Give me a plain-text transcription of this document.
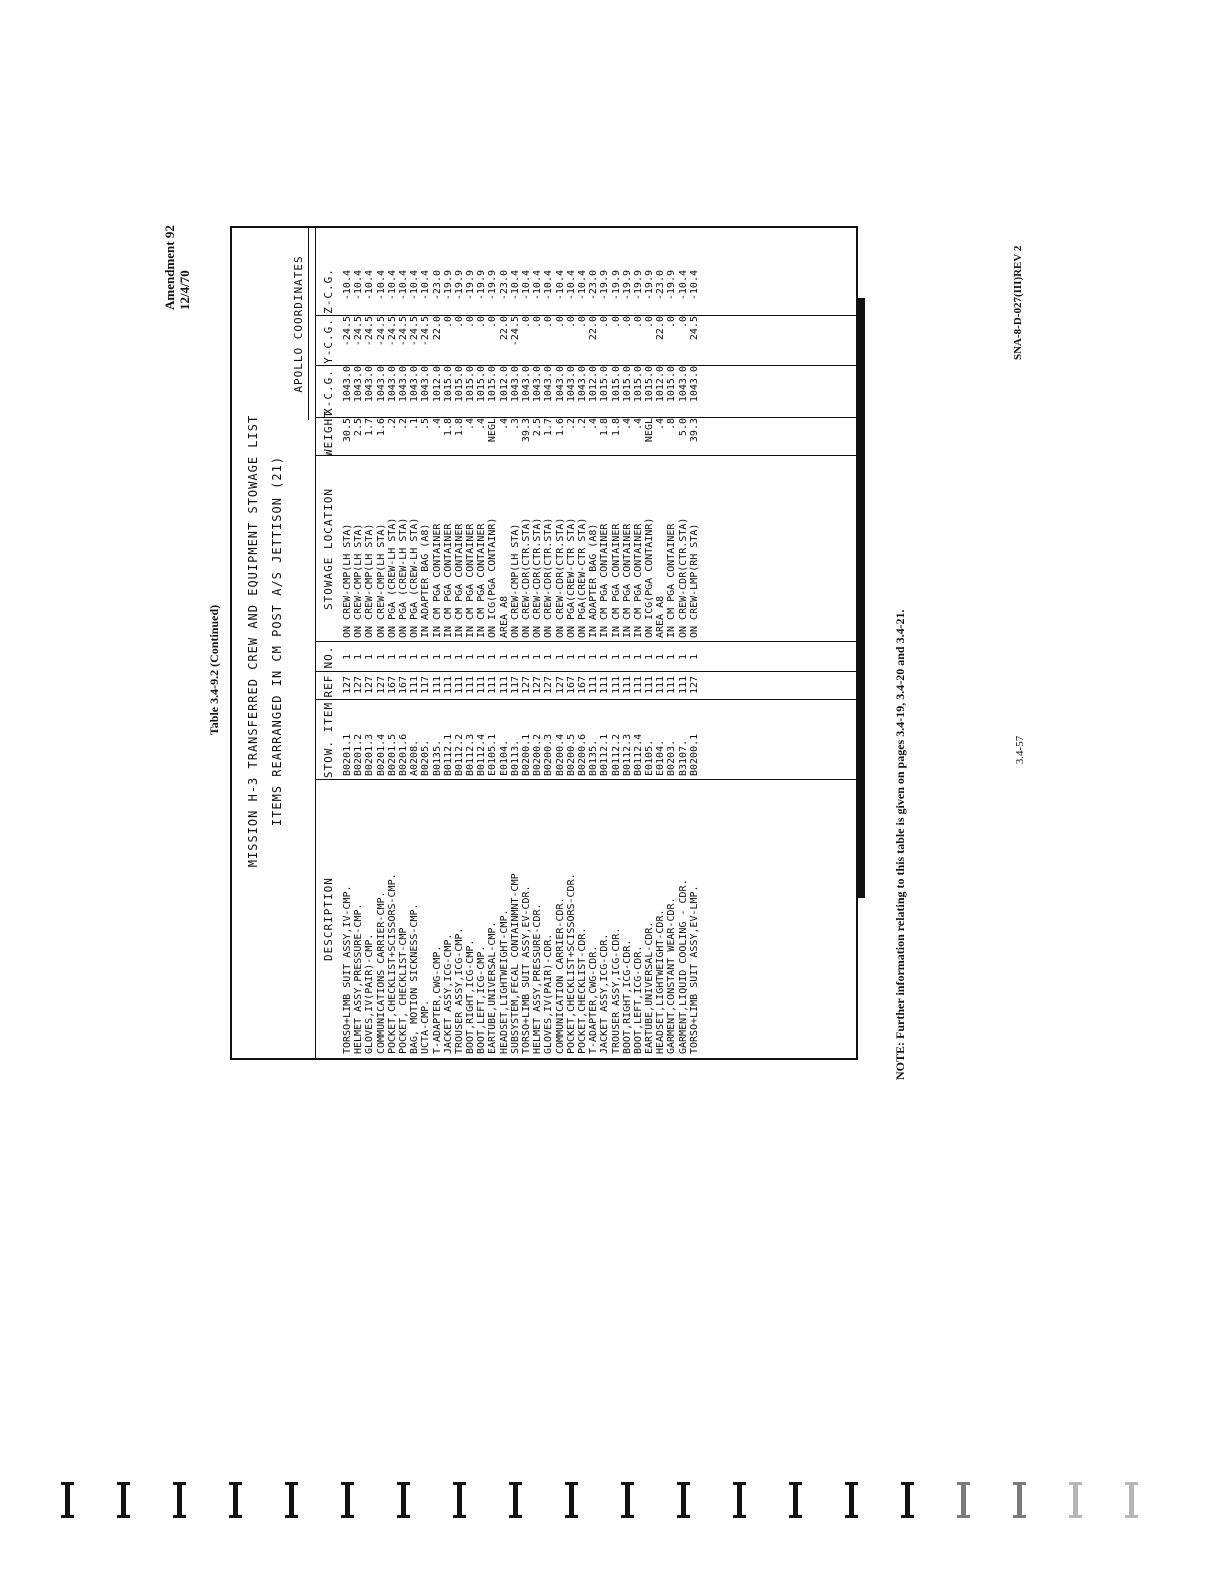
Amendment 92 12/4/70
Table 3.4-9.2 (Continued) MISSION H-3 TRANSFERRED CREW AND EQUIPMENT STOWAGE LIST ITEMS REARRANGED IN CM POST A/S JETTISON (21)
APOLLO COORDINATES
DESCRIPTION
STOW. ITEM
REF
NO.
STOWAGE LOCATION
WEIGHT
X-C.G.
Y-C.G.
Z-C.G.
TORSO+LIMB SUIT ASSY,IV-CMP.
B0201.1
127
1
ON CREW-CMP(LH STA)
30.5
1043.0
-24.5
-10.4
HELMET ASSY,PRESSURE-CMP.
B0201.2
127
1
ON CREW-CMP(LH STA)
2.5
1043.0
-24.5
-10.4
GLOVES,IV(PAIR)-CMP.
B0201.3
127
1
ON CREW-CMP(LH STA)
1.7
1043.0
-24.5
-10.4
COMMUNICATIONS CARRIER-CMP.
B0201.4
127
1
ON CREW-CMP(LH STA)
1.6
1043.0
-24.5
-10.4
POCKET,CHECKLIST+SCISSORS-CMP.
B0201.5
167
1
ON PGA (CREW-LH STA)
.2
1043.0
-24.5
-10.4
POCKET, CHECKLIST-CMP
B0201.6
167
1
ON PGA (CREW-LH STA)
.2
1043.0
-24.5
-10.4
BAG, MOTION SICKNESS-CMP.
A0208.
111
1
ON PGA (CREW-LH STA)
.1
1043.0
-24.5
-10.4
UCTA-CMP.
B0205.
117
1
IN ADAPTER BAG (A8)
.5
1043.0
-24.5
-10.4
T-ADAPTER,CWG-CMP.
B0135.
111
1
IN CM PGA CONTAINER
.4
1012.0
22.0
-23.0
JACKET ASSY,ICG-CMP.
B0112.1
111
1
IN CM PGA CONTAINER
1.8
1015.0
.0
-19.9
TROUSER ASSY,ICG-CMP.
B0112.2
111
1
IN CM PGA CONTAINER
1.8
1015.0
.0
-19.9
BOOT,RIGHT,ICG-CMP.
B0112.3
111
1
IN CM PGA CONTAINER
.4
1015.0
.0
-19.9
BOOT,LEFT,ICG-CMP.
B0112.4
111
1
IN CM PGA CONTAINER
.4
1015.0
.0
-19.9
EARTUBE,UNIVERSAL-CMP.
E0105.1
111
1
ON ICG(PGA CONTAINR)
NEGL
1015.0
.0
-19.9
HEADSET,LIGHTWEIGHT-CMP.
E0104.
111
1
AREA A8
.4
1012.0
22.0
-23.0
SUBSYSTEM,FECAL CONTAINMNT-CMP
B0113.
117
1
ON CREW-CMP(LH STA)
.3
1043.0
-24.5
-10.4
TORSO+LIMB SUIT ASSY,EV-CDR.
B0200.1
127
1
ON CREW-CDR(CTR.STA)
39.3
1043.0
.0
-10.4
HELMET ASSY,PRESSURE-CDR.
B0200.2
127
1
ON CREW-CDR(CTR.STA)
2.5
1043.0
.0
-10.4
GLOVES,IV(PAIR)-CDR.
B0200.3
127
1
ON CREW-CDR(CTR.STA)
1.7
1043.0
.0
-10.4
COMMUNICATION CARRIER-CDR.
B0200.4
127
1
ON CREW-CDR(CTR.STA)
1.6
1043.0
.0
-10.4
POCKET,CHECKLIST+SCISSORS-CDR.
B0200.5
167
1
ON PGA(CREW-CTR STA)
.2
1043.0
.0
-10.4
POCKET,CHECKLIST-CDR.
B0200.6
167
1
ON PGA(CREW-CTR STA)
.2
1043.0
.0
-10.4
T-ADAPTER,CWG-CDR.
B0135.
111
1
IN ADAPTER BAG (A8)
.4
1012.0
22.0
-23.0
JACKET ASSY,ICG-CDR.
B0112.1
111
1
IN CM PGA CONTAINER
1.8
1015.0
.0
-19.9
TROUSER ASSY,ICG-CDR.
B0112.2
111
1
IN CM PGA CONTAINER
1.8
1015.0
.0
-19.9
BOOT,RIGHT,ICG-CDR.
B0112.3
111
1
IN CM PGA CONTAINER
.4
1015.0
.0
-19.9
BOOT,LEFT,ICG-CDR.
B0112.4
111
1
IN CM PGA CONTAINER
.4
1015.0
.0
-19.9
EARTUBE,UNIVERSAL-CDR.
E0105.
111
1
ON ICG(PGA CONTAINR)
NEGL
1015.0
.0
-19.9
HEADSET,LIGHTWEIGHT-CDR.
E0104.
111
1
AREA A8
.4
1012.0
22.0
-23.0
GARMENT,CONSTANT WEAR-CDR.
B0203.
111
1
IN CM PGA CONTAINER
.8
1015.0
.0
-19.9
GARMENT,LIQUID COOLING - CDR.
B3107.
111
1
ON CREW-CDR(CTR.STA)
5.0
1043.0
.0
-10.4
TORSO+LIMB SUIT ASSY,EV-LMP.
B0200.1
127
1
ON CREW-LMP(RH STA)
39.3
1043.0
24.5
-10.4
NOTE: Further information relating to this table is given on pages 3.4-19, 3.4-20 and 3.4-21.	3.4-57
SNA-8-D-027(III)REV 2
